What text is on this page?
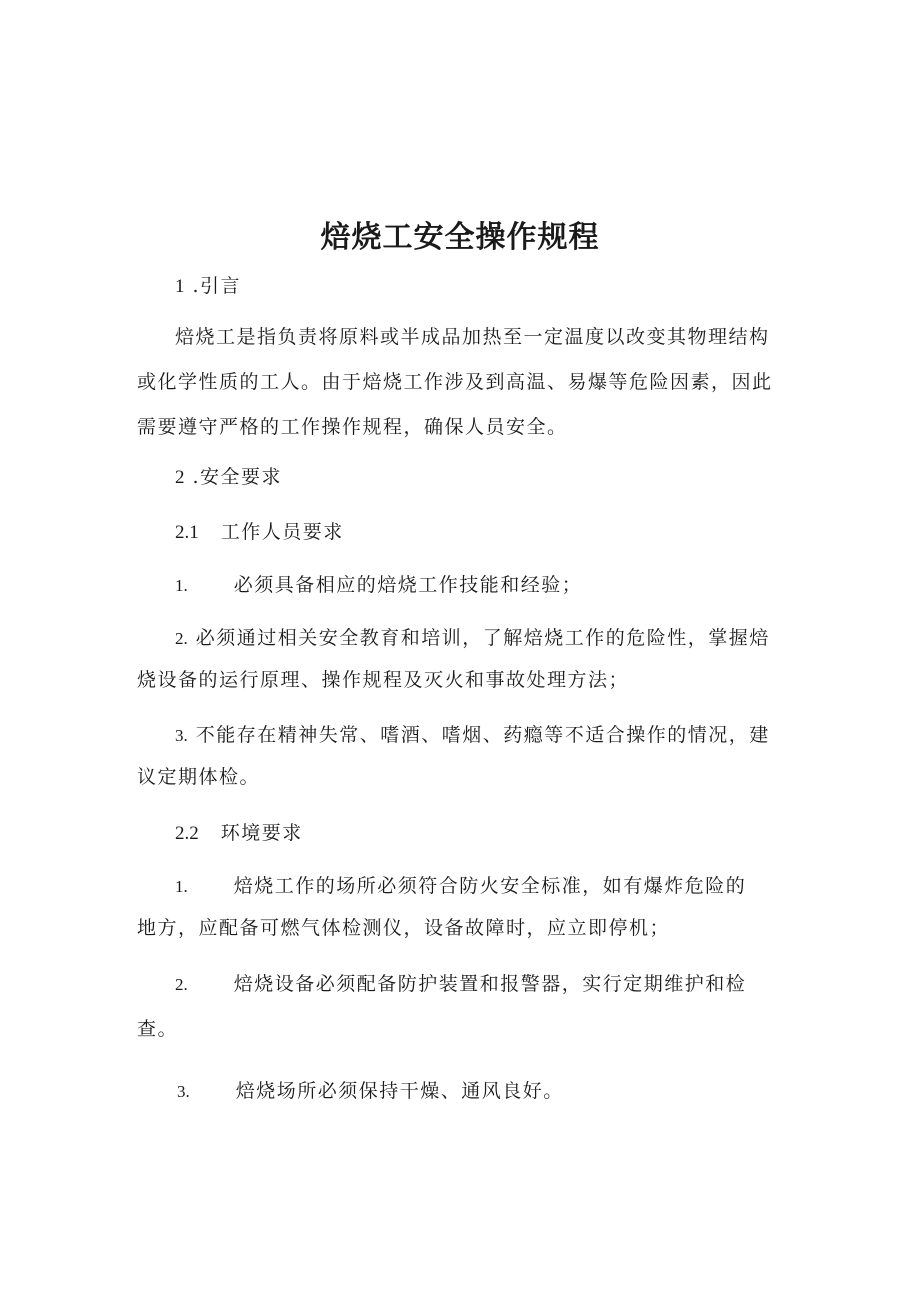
焙烧工安全操作规程

1 .引言

焙烧工是指负责将原料或半成品加热至一定温度以改变其物理结构

或化学性质的工人。由于焙烧工作涉及到高温、易爆等危险因素，因此

需要遵守严格的工作操作规程，确保人员安全。

2 .安全要求

2.1 工作人员要求

1. 必须具备相应的焙烧工作技能和经验；

2. 必须通过相关安全教育和培训，了解焙烧工作的危险性，掌握焙

烧设备的运行原理、操作规程及灭火和事故处理方法；

3. 不能存在精神失常、嗜酒、嗜烟、药瘾等不适合操作的情况，建

议定期体检。

2.2 环境要求

1. 焙烧工作的场所必须符合防火安全标准，如有爆炸危险的

地方，应配备可燃气体检测仪，设备故障时，应立即停机；

2. 焙烧设备必须配备防护装置和报警器，实行定期维护和检

查。

3. 焙烧场所必须保持干燥、通风良好。
